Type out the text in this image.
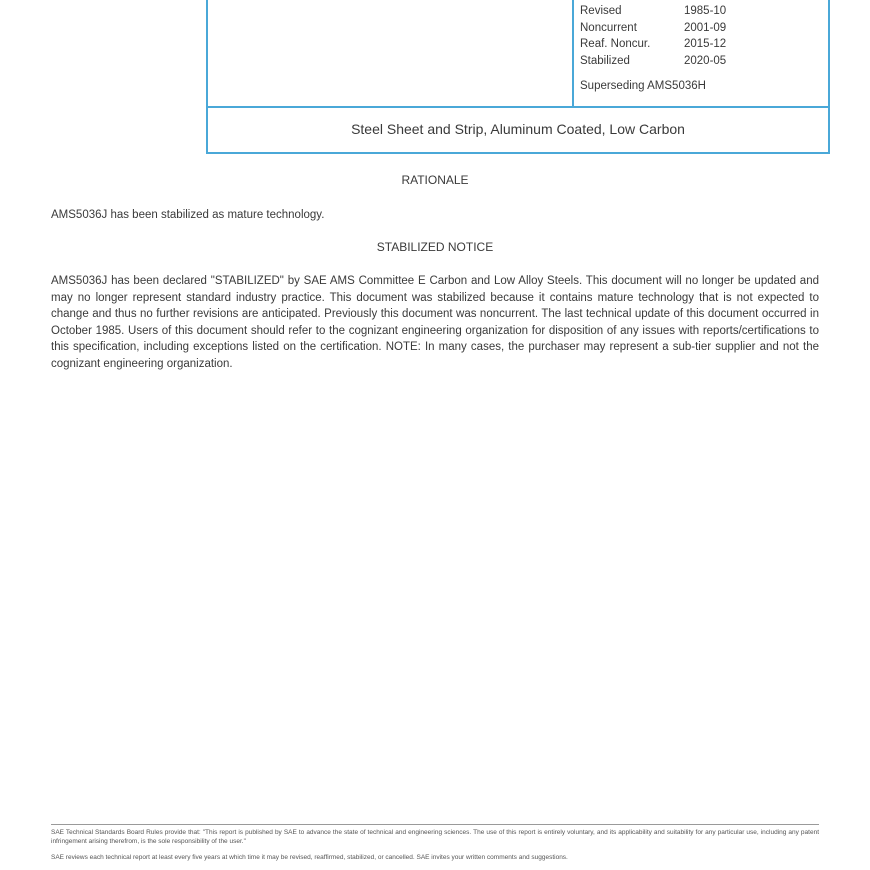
Revised	1985-10
Noncurrent	2001-09
Reaf. Noncur.	2015-12
Stabilized	2020-05
Superseding AMS5036H
Steel Sheet and Strip, Aluminum Coated, Low Carbon
RATIONALE
AMS5036J has been stabilized as mature technology.
STABILIZED NOTICE
AMS5036J has been declared "STABILIZED" by SAE AMS Committee E Carbon and Low Alloy Steels. This document will no longer be updated and may no longer represent standard industry practice. This document was stabilized because it contains mature technology that is not expected to change and thus no further revisions are anticipated. Previously this document was noncurrent. The last technical update of this document occurred in October 1985. Users of this document should refer to the cognizant engineering organization for disposition of any issues with reports/certifications to this specification, including exceptions listed on the certification. NOTE: In many cases, the purchaser may represent a sub-tier supplier and not the cognizant engineering organization.
SAE Technical Standards Board Rules provide that: "This report is published by SAE to advance the state of technical and engineering sciences. The use of this report is entirely voluntary, and its applicability and suitability for any particular use, including any patent infringement arising therefrom, is the sole responsibility of the user."
SAE reviews each technical report at least every five years at which time it may be revised, reaffirmed, stabilized, or cancelled. SAE invites your written comments and suggestions.
